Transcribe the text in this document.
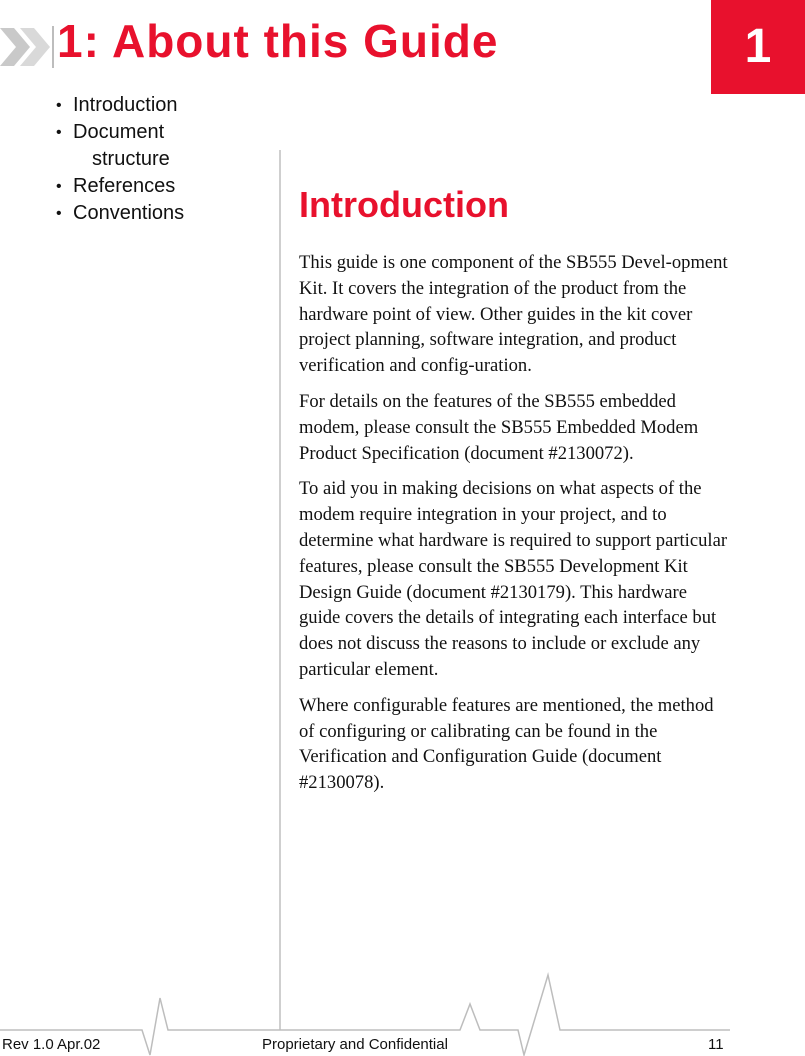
1
1: About this Guide
• Introduction
• Document
structure
• References
• Conventions	Introduction

This guide is one component of the SB555 Devel-opment Kit. It covers the integration of the product from the hardware point of view. Other guides in the kit cover project planning, software integration, and product verification and config-uration.

For details on the features of the SB555 embedded modem, please consult the SB555 Embedded Modem Product Specification (document #2130072).

To aid you in making decisions on what aspects of the modem require integration in your project, and to determine what hardware is required to support particular features, please consult the SB555 Development Kit Design Guide (document #2130179). This hardware guide covers the details of integrating each interface but does not discuss the reasons to include or exclude any particular element.

Where configurable features are mentioned, the method of configuring or calibrating can be found in the Verification and Configuration Guide (document #2130078).

Rev 1.0 Apr.02	Proprietary and Confidential	11
